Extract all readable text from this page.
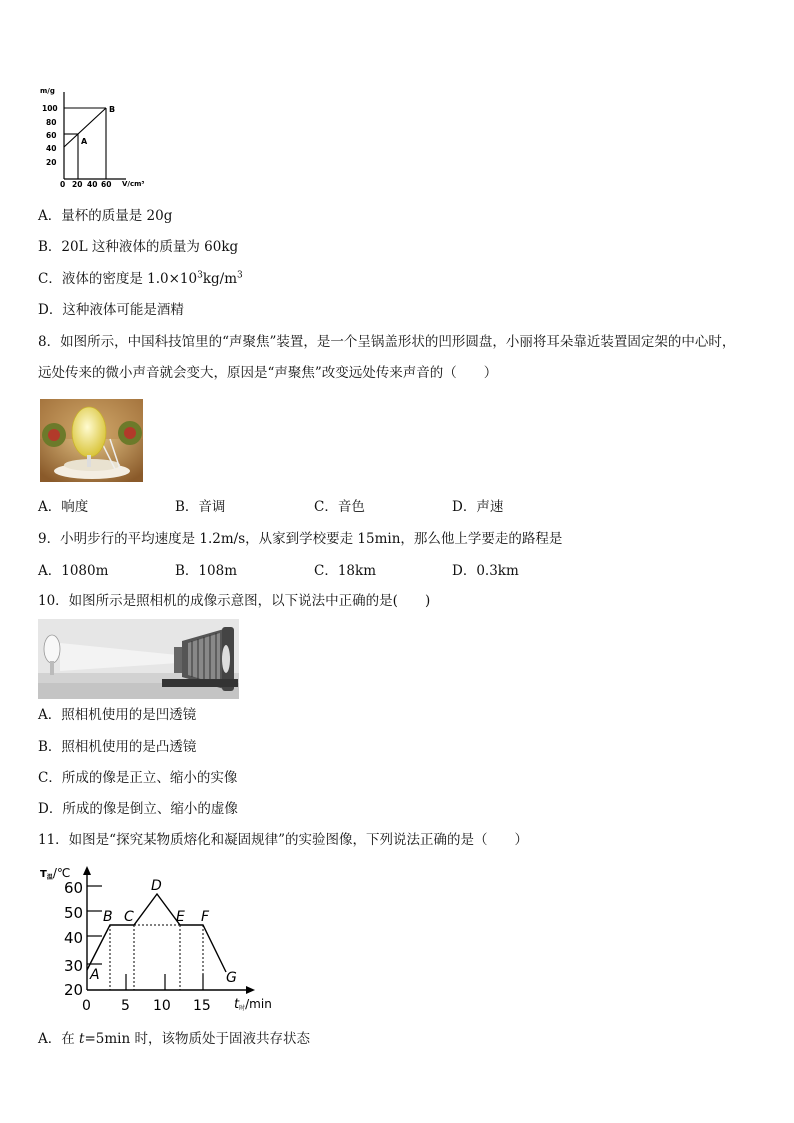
m/g
100
80
60
40
20
A
B
0 20 40 60 V/cm³
A．量杯的质量是 20g
B．20L 这种液体的质量为 60kg
C．液体的密度是 $1.0\times 10^3kg/m^3$
D．这种液体可能是酒精
8．如图所示，中国科技馆里的“声聚焦”装置，是一个呈锅盖形状的凹形圆盘，小丽将耳朵靠近装置固定架的中心时，
远处传来的微小声音就会变大，原因是“声聚焦”改变远处传来声音的（　　）
A．响度	B．音调	C．音色	D．声速
9．小明步行的平均速度是 1.2m/s，从家到学校要走 15min，那么他上学要走的路程是
A．1080m	B．108m	C．18km	D．0.3km
10．如图所示是照相机的成像示意图，以下说法中正确的是(　　)
A．照相机使用的是凹透镜
B．照相机使用的是凸透镜
C．所成的像是正立、缩小的实像
D．所成的像是倒立、缩小的虚像
11．如图是“探究某物质熔化和凝固规律”的实验图像，下列说法正确的是（　　）
$T_温/℃$
60
50
40
30
20
A
B C
D
E F
G
0 5 10 15 t时/min
A．在 t=5min 时，该物质处于固液共存状态
